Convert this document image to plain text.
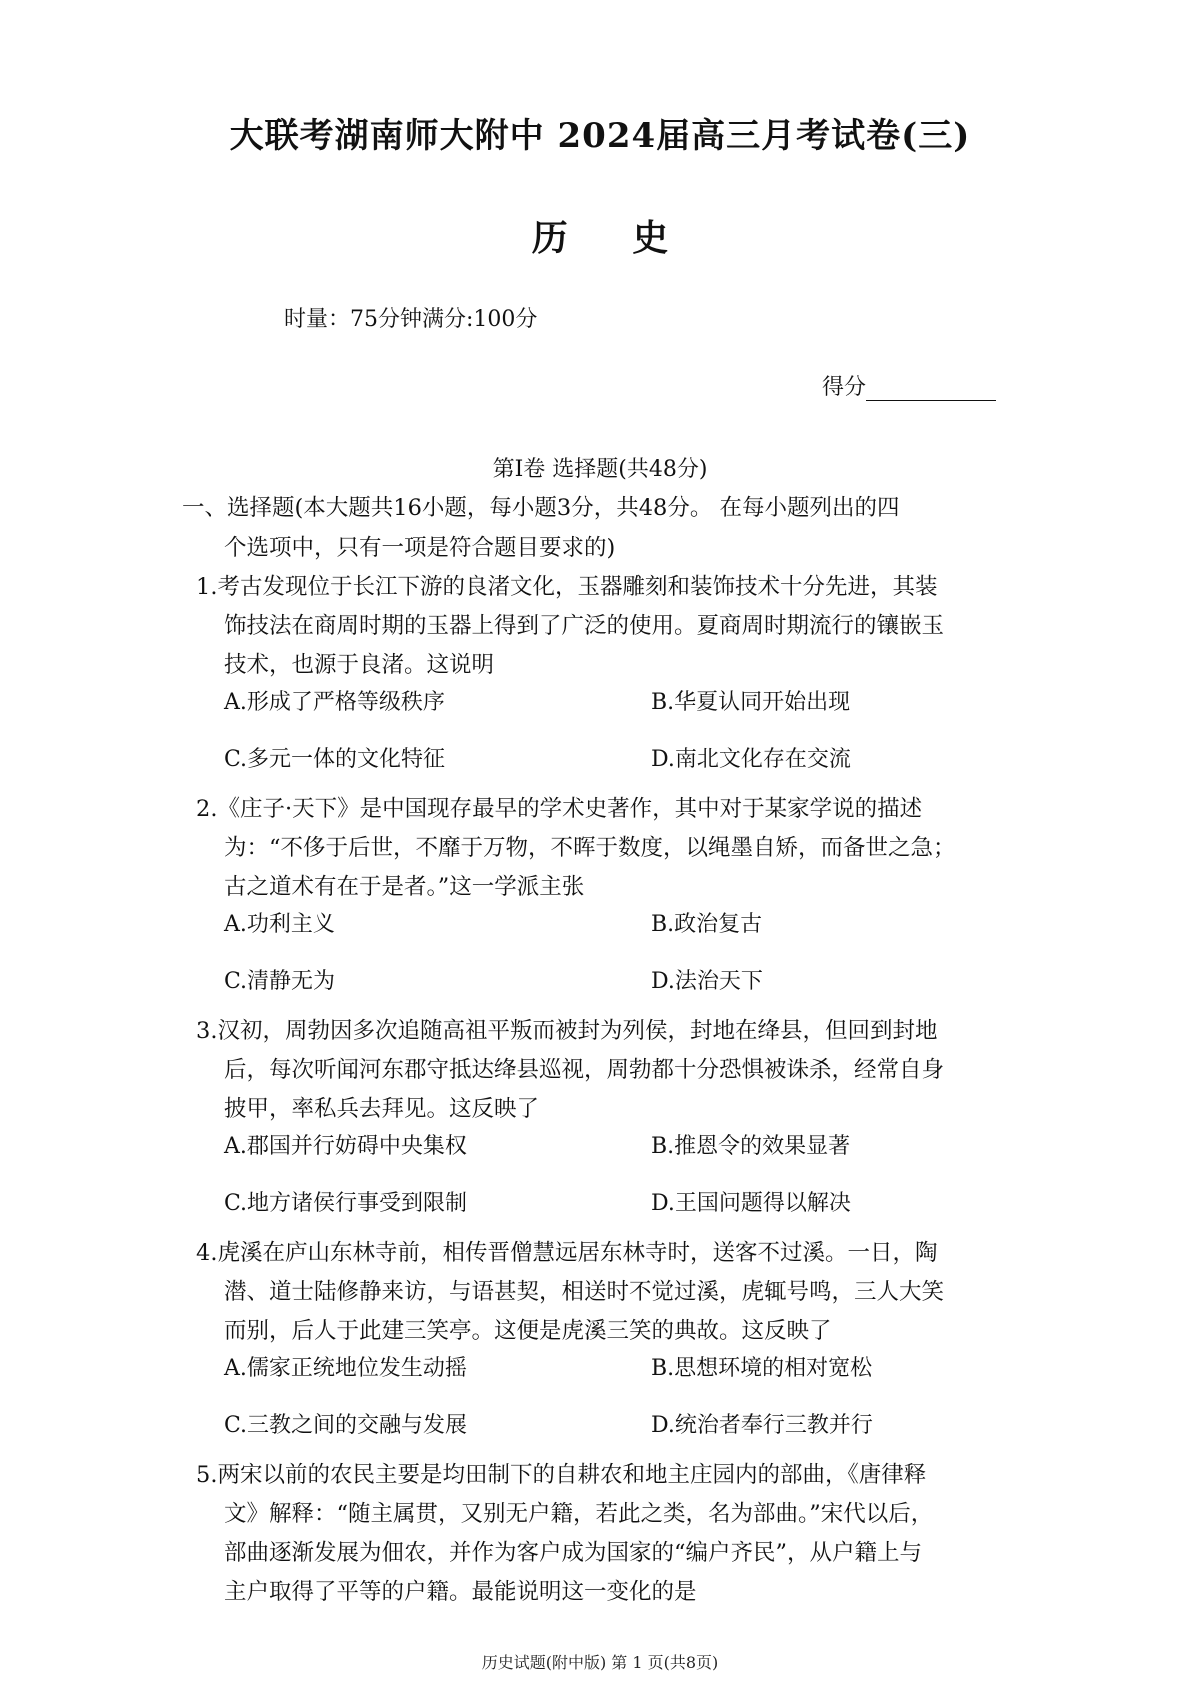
大联考湖南师大附中 2024届高三月考试卷(三)
历 史
时量：75分钟满分:100分
得分
第Ⅰ卷 选择题(共48分)
一、选择题(本大题共16小题，每小题3分，共48分。 在每小题列出的四
个选项中，只有一项是符合题目要求的)
1.考古发现位于长江下游的良渚文化，玉器雕刻和装饰技术十分先进，其装
饰技法在商周时期的玉器上得到了广泛的使用。夏商周时期流行的镶嵌玉
技术，也源于良渚。这说明
A.形成了严格等级秩序	B.华夏认同开始出现
C.多元一体的文化特征	D.南北文化存在交流
2.《庄子·天下》是中国现存最早的学术史著作，其中对于某家学说的描述
为：“不侈于后世，不靡于万物，不晖于数度，以绳墨自矫，而备世之急；
古之道术有在于是者。”这一学派主张
A.功利主义	B.政治复古
C.清静无为	D.法治天下
3.汉初，周勃因多次追随高祖平叛而被封为列侯，封地在绛县，但回到封地
后，每次听闻河东郡守抵达绛县巡视，周勃都十分恐惧被诛杀，经常自身
披甲，率私兵去拜见。这反映了
A.郡国并行妨碍中央集权	B.推恩令的效果显著
C.地方诸侯行事受到限制	D.王国问题得以解决
4.虎溪在庐山东林寺前，相传晋僧慧远居东林寺时，送客不过溪。一日，陶
潜、道士陆修静来访，与语甚契，相送时不觉过溪，虎辄号鸣，三人大笑
而别，后人于此建三笑亭。这便是虎溪三笑的典故。这反映了
A.儒家正统地位发生动摇	B.思想环境的相对宽松
C.三教之间的交融与发展	D.统治者奉行三教并行
5.两宋以前的农民主要是均田制下的自耕农和地主庄园内的部曲，《唐律释
文》解释：“随主属贯，又别无户籍，若此之类，名为部曲。”宋代以后，
部曲逐渐发展为佃农，并作为客户成为国家的“编户齐民”，从户籍上与
主户取得了平等的户籍。最能说明这一变化的是
历史试题(附中版) 第 1 页(共8页)
